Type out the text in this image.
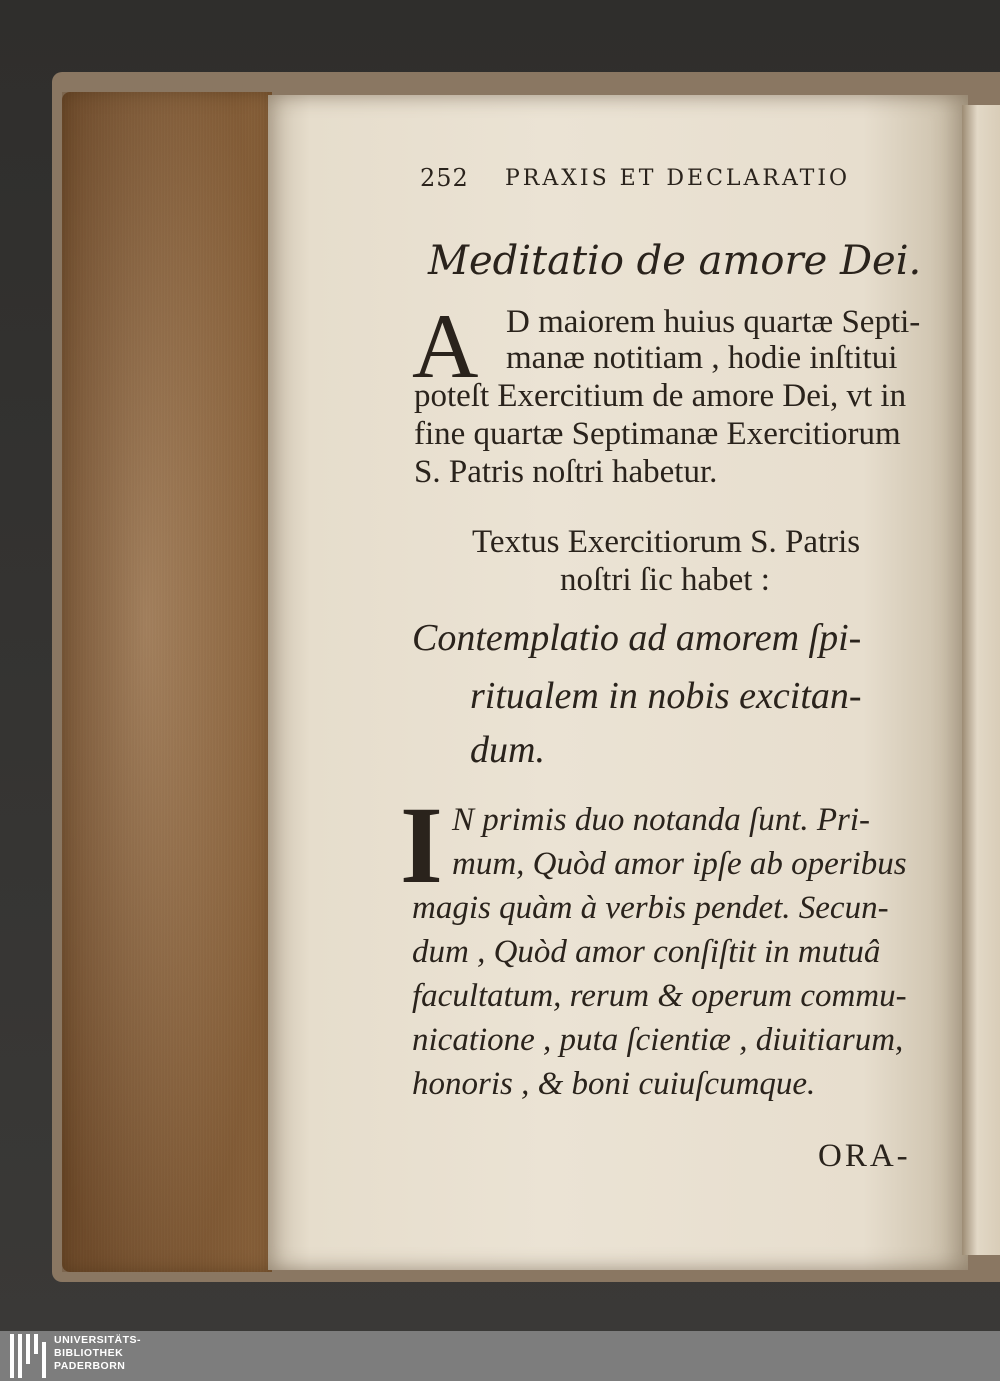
252 PRAXIS ET DECLARATIO
Meditatio de amore Dei.
A D maiorem huius quartæ Septi-
manæ notitiam , hodie inſtitui
poteſt Exercitium de amore Dei, vt in
fine quartæ Septimanæ Exercitiorum
S. Patris noſtri habetur.
Textus Exercitiorum S. Patris
noſtri ſic habet :
Contemplatio ad amorem ſpi-
ritualem in nobis excitan-
dum.
I N primis duo notanda ſunt. Pri-
mum, Quòd amor ipſe ab operibus
magis quàm à verbis pendet. Secun-
dum , Quòd amor conſiſtit in mutuâ
facultatum, rerum & operum commu-
nicatione , puta ſcientiæ , diuitiarum,
honoris , & boni cuiuſcumque.
ORA-
UNIVERSITÄTS-
BIBLIOTHEK
PADERBORN
